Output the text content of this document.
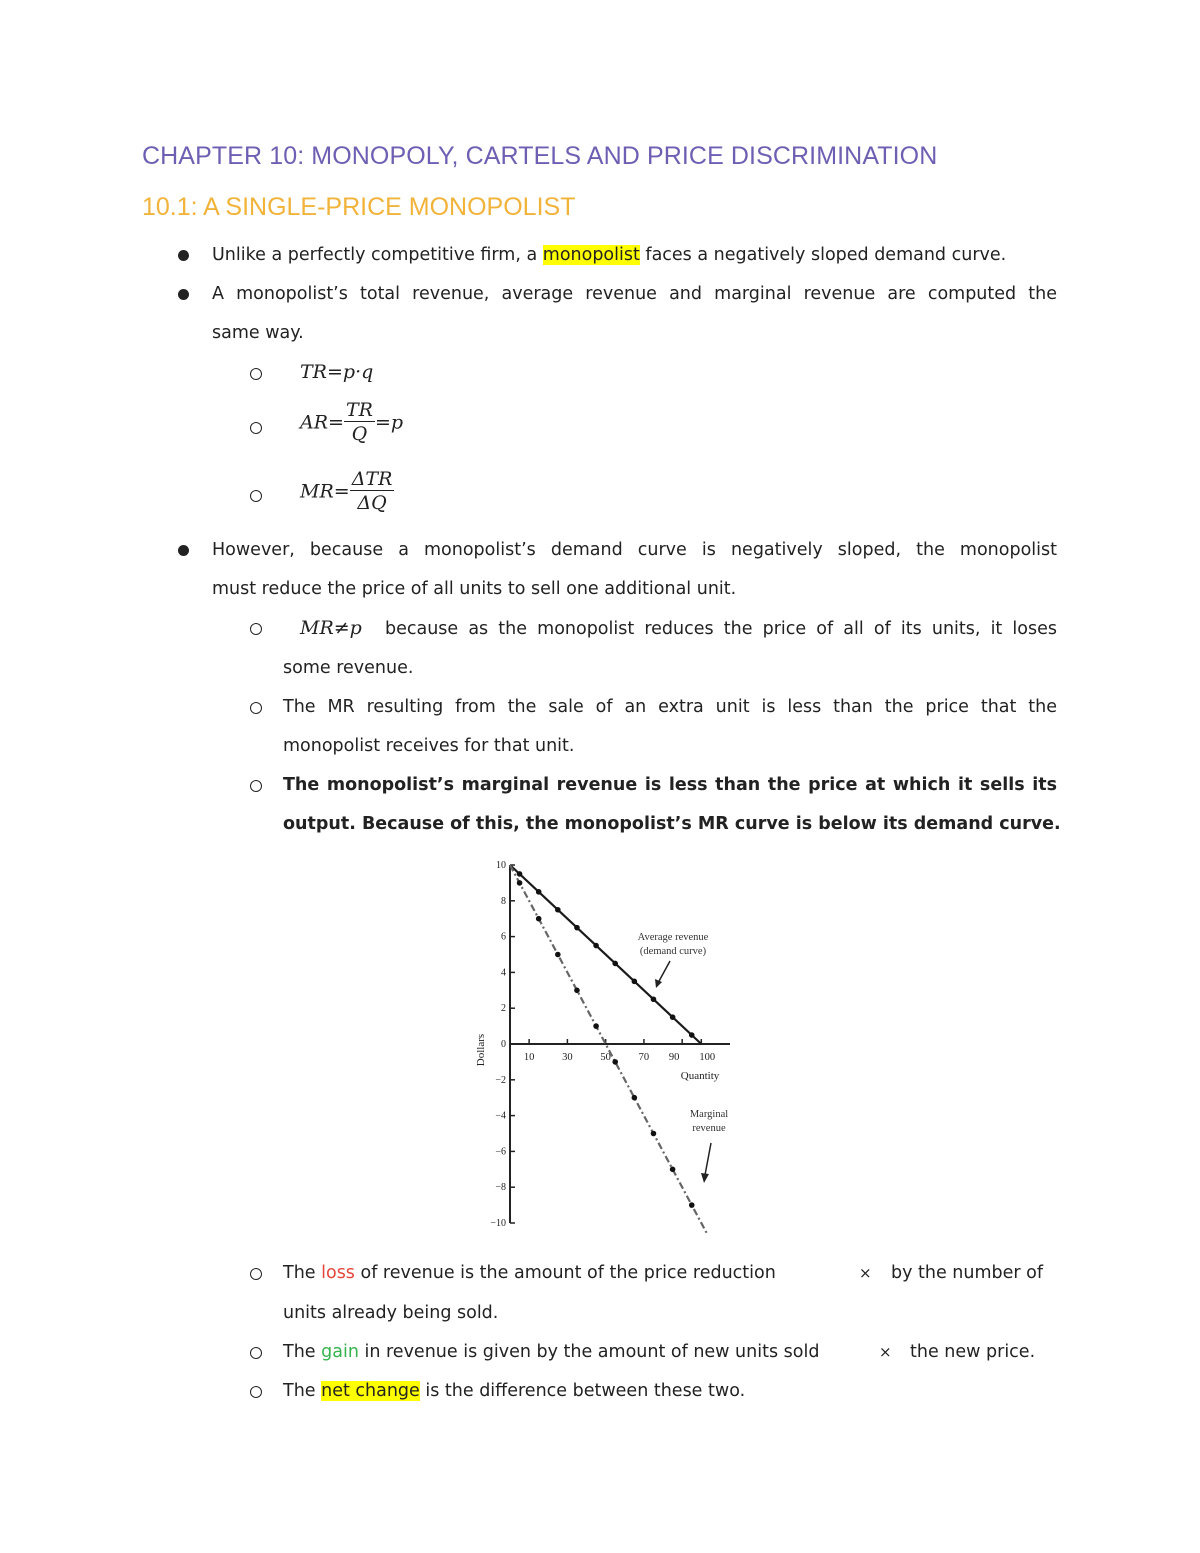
CHAPTER 10: MONOPOLY, CARTELS AND PRICE DISCRIMINATION
10.1: A SINGLE-PRICE MONOPOLIST
Unlike a perfectly competitive firm, a monopolist faces a negatively sloped demand curve.
A monopolist’s total revenue, average revenue and marginal revenue are computed the
same way.
TR=p·q
$AR= \frac{TR}{Q} =p$
$MR= \frac{\text{ΔTR}}{\Delta Q}$
However, because a monopolist’s demand curve is negatively sloped, the monopolist
must reduce the price of all units to sell one additional unit.
MR≠p because as the monopolist reduces the price of all of its units, it loses
some revenue.
The MR resulting from the sale of an extra unit is less than the price that the
monopolist receives for that unit.
The monopolist’s marginal revenue is less than the price at which it sells its
output. Because of this, the monopolist’s MR curve is below its demand curve.
10
8
6
4
2
0
−2
−4
−6
−8
−10
10	30	50	70 90 100
Quantity
Dollars
Average revenue
(demand curve)
Marginal
revenue
The loss of revenue is the amount of the price reduction	× by the number of
units already being sold.
The gain in revenue is given by the amount of new units sold	× the new price.
The net change is the difference between these two.
